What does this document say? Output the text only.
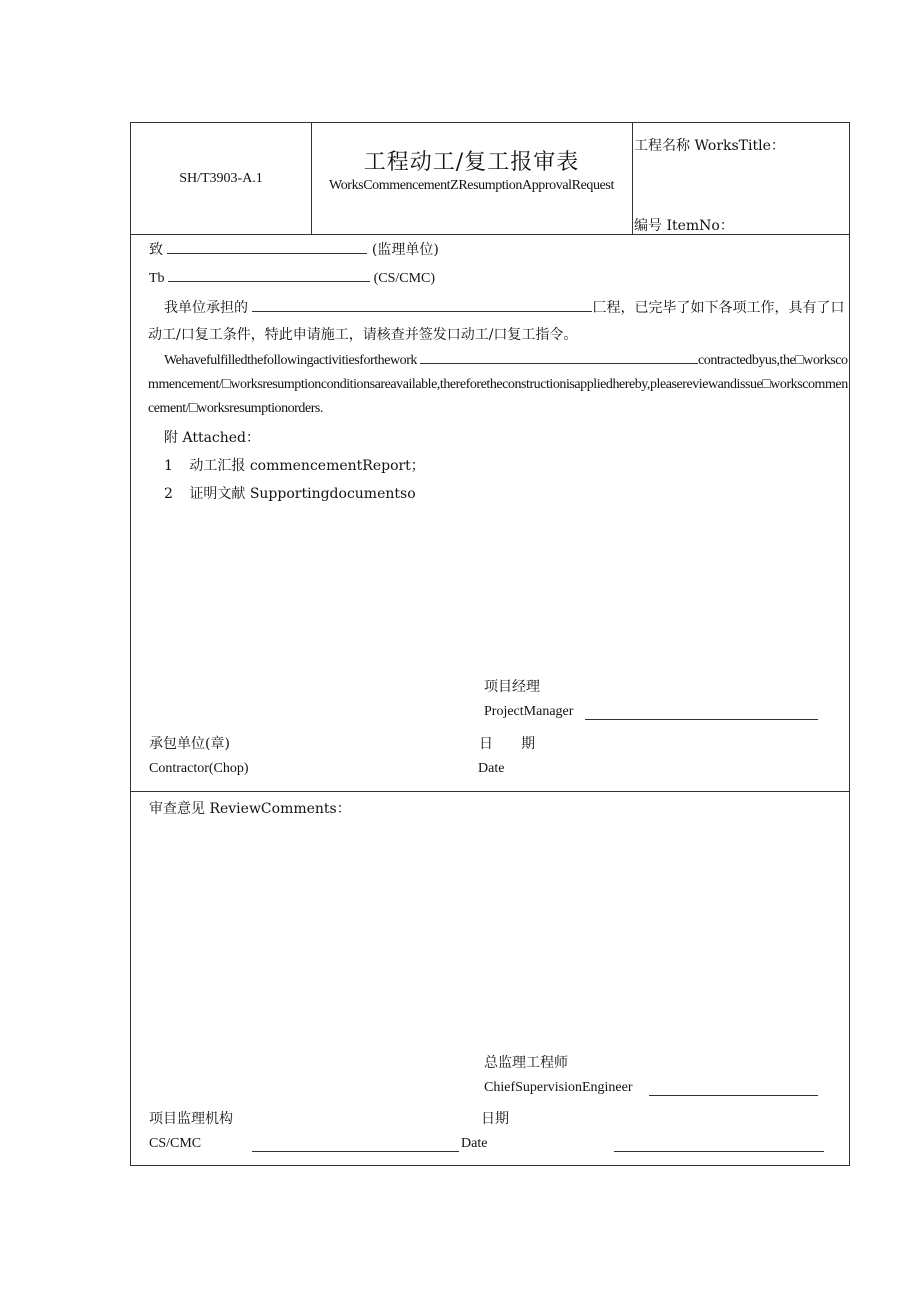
SH/T3903-A.1
工程动工/复工报审表
WorksCommencementZResumptionApprovalRequest
工程名称 WorksTitle：
编号 ItemNo：
致	(监理单位)
Tb	(CS/CMC)
我单位承担的	匚程，已完毕了如下各项工作，具有了口动工/口复工条件，特此申请施工，请核查并签发口动工/口复工指令。
Wehavefulfilledthefollowingactivitiesforthework	contractedbyus,the□workscommencement/□worksresumptionconditionsareavailable,thereforetheconstructionisappliedhereby,pleasereviewandissue□workscommencement/□worksresumptionorders.
附 Attached：
1 动工汇报 commencementReport；
2 证明文献 Supportingdocumentso
项目经理
ProjectManager
承包单位(章)	日　　期
Contractor(Chop)	Date
审查意见 ReviewComments：
总监理工程师
ChiefSupervisionEngineer
项目监理机构	日期
CS/CMC	Date
